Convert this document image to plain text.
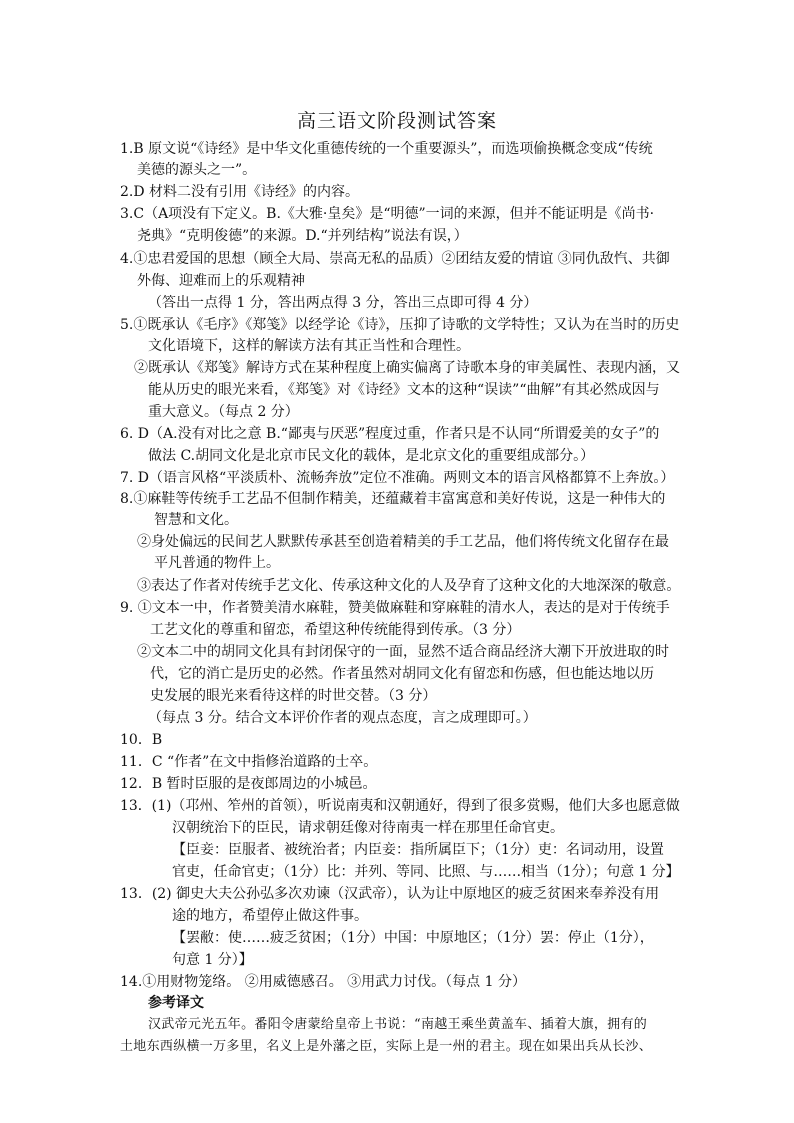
高三语文阶段测试答案
1.B 原文说“《诗经》是中华文化重德传统的一个重要源头”，而选项偷换概念变成“传统
美德的源头之一”。
2.D 材料二没有引用《诗经》的内容。
3.C（A项没有下定义。B.《大雅·皇矣》是“明德”一词的来源，但并不能证明是《尚书·
尧典》“克明俊德”的来源。D.“并列结构”说法有误，）
4.①忠君爱国的思想（顾全大局、崇高无私的品质）②团结友爱的情谊 ③同仇敌忾、共御
外侮、迎难而上的乐观精神
（答出一点得 1 分，答出两点得 3 分，答出三点即可得 4 分）
5.①既承认《毛序》《郑笺》以经学论《诗》，压抑了诗歌的文学特性；又认为在当时的历史
文化语境下，这样的解读方法有其正当性和合理性。
②既承认《郑笺》解诗方式在某种程度上确实偏离了诗歌本身的审美属性、表现内涵，又
能从历史的眼光来看，《郑笺》对《诗经》文本的这种“误读”“曲解”有其必然成因与
重大意义。（每点 2 分）
6. D（A.没有对比之意 B.“鄙夷与厌恶”程度过重，作者只是不认同“所谓爱美的女子”的
做法 C.胡同文化是北京市民文化的载体，是北京文化的重要组成部分。）
7. D（语言风格“平淡质朴、流畅奔放”定位不准确。两则文本的语言风格都算不上奔放。）
8.①麻鞋等传统手工艺品不但制作精美，还蕴藏着丰富寓意和美好传说，这是一种伟大的
智慧和文化。
②身处偏远的民间艺人默默传承甚至创造着精美的手工艺品，他们将传统文化留存在最
平凡普通的物件上。
③表达了作者对传统手艺文化、传承这种文化的人及孕育了这种文化的大地深深的敬意。
9. ①文本一中，作者赞美清水麻鞋，赞美做麻鞋和穿麻鞋的清水人，表达的是对于传统手
工艺文化的尊重和留恋，希望这种传统能得到传承。（3 分）
②文本二中的胡同文化具有封闭保守的一面，显然不适合商品经济大潮下开放进取的时
代，它的消亡是历史的必然。作者虽然对胡同文化有留恋和伤感，但也能达地以历
史发展的眼光来看待这样的时世交替。（3 分）
（每点 3 分。结合文本评价作者的观点态度，言之成理即可。）
10．B
11．C “作者”在文中指修治道路的士卒。
12．B 暂时臣服的是夜郎周边的小城邑。
13．(1)（邛州、笮州的首领），听说南夷和汉朝通好，得到了很多赏赐，他们大多也愿意做
汉朝统治下的臣民，请求朝廷像对待南夷一样在那里任命官吏。
【臣妾：臣服者、被统治者；内臣妾：指所属臣下；（1分）吏：名词动用，设置
官吏，任命官吏；（1分）比：并列、等同、比照、与……相当（1分）；句意 1 分】
13．(2) 御史大夫公孙弘多次劝谏（汉武帝），认为让中原地区的疲乏贫困来奉养没有用
途的地方，希望停止做这件事。
【罢敝：使……疲乏贫困；（1分）中国：中原地区；（1分）罢：停止（1分），
句意 1 分）】
14.①用财物笼络。 ②用威德感召。 ③用武力讨伐。（每点 1 分）
参考译文
汉武帝元光五年。番阳令唐蒙给皇帝上书说：“南越王乘坐黄盖车、插着大旗，拥有的
土地东西纵横一万多里，名义上是外藩之臣，实际上是一州的君主。现在如果出兵从长沙、
